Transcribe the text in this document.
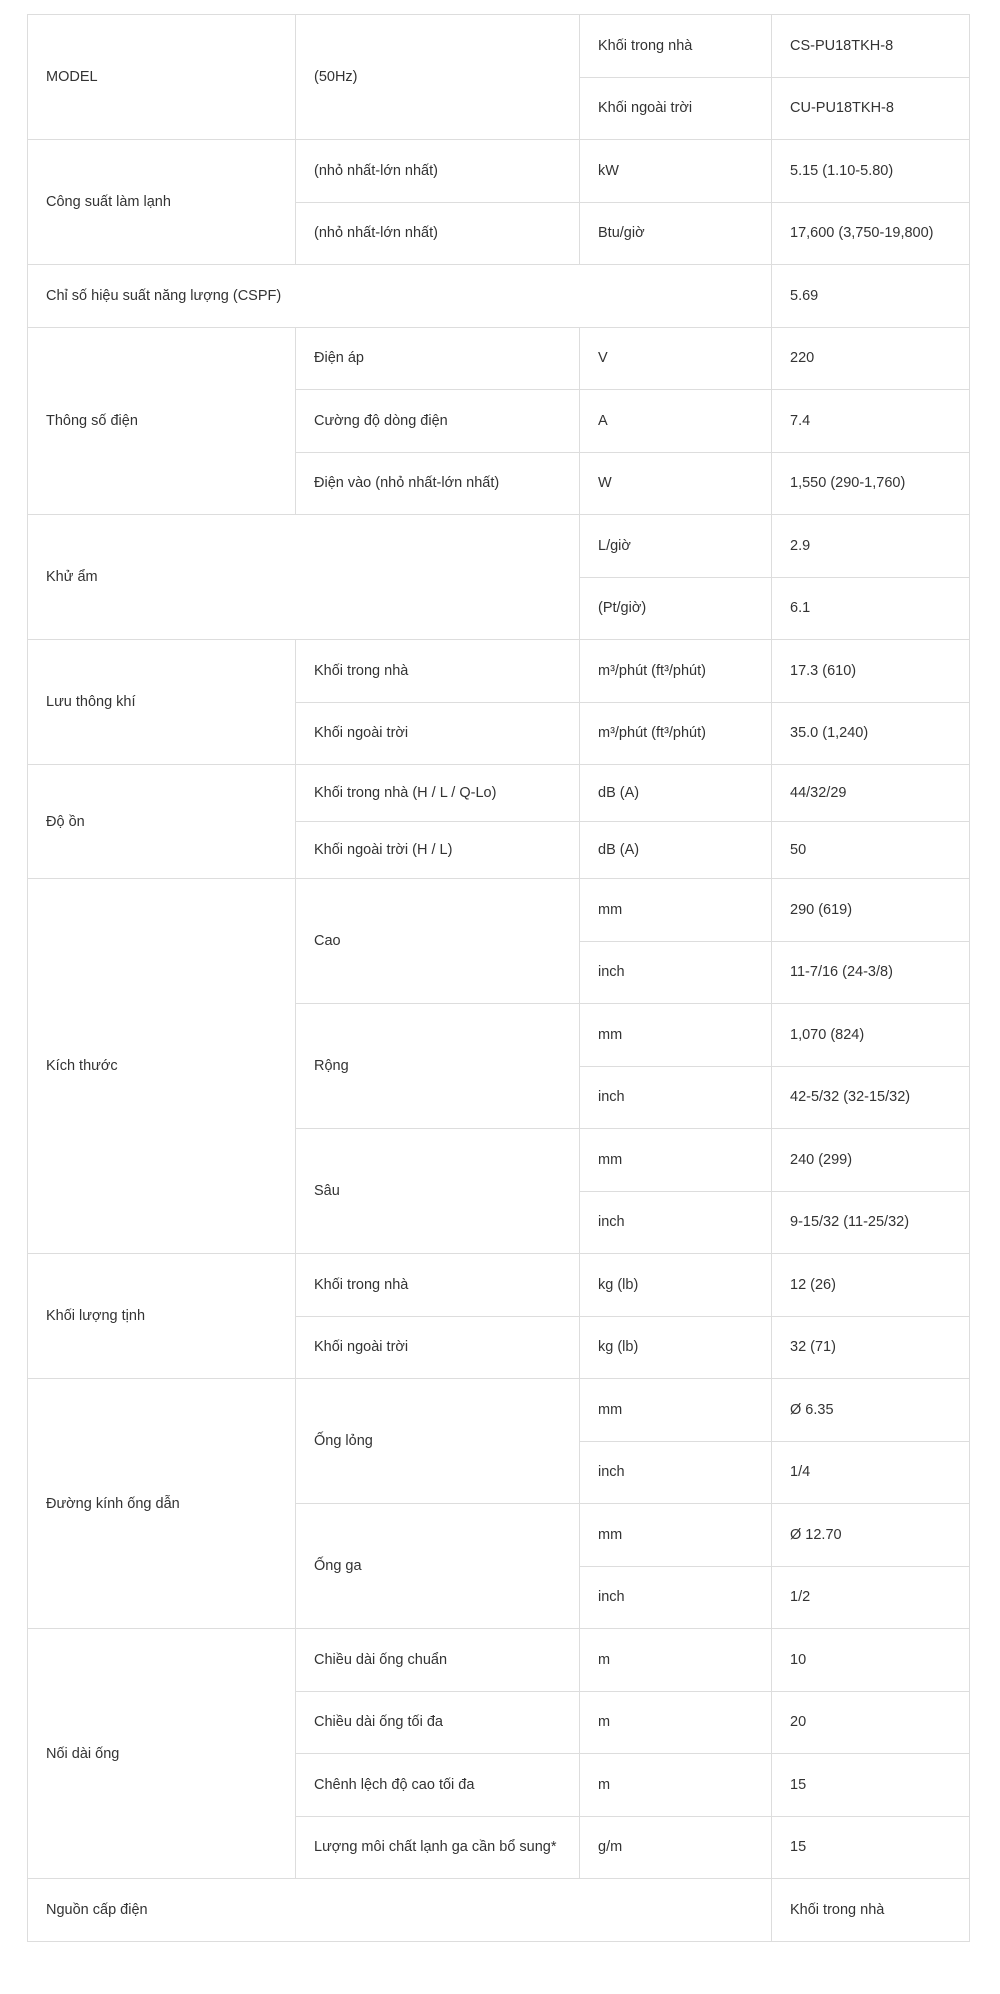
MODEL	(50Hz)	Khối trong nhà	CS-PU18TKH-8
		Khối ngoài trời	CU-PU18TKH-8
Công suất làm lạnh	(nhỏ nhất-lớn nhất)	kW	5.15 (1.10-5.80)
	(nhỏ nhất-lớn nhất)	Btu/giờ	17,600 (3,750-19,800)
Chỉ số hiệu suất năng lượng (CSPF)			5.69
Thông số điện	Điện áp	V	220
	Cường độ dòng điện	A	7.4
	Điện vào (nhỏ nhất-lớn nhất)	W	1,550 (290-1,760)
Khử ẩm		L/giờ	2.9
		(Pt/giờ)	6.1
Lưu thông khí	Khối trong nhà	m³/phút (ft³/phút)	17.3 (610)
	Khối ngoài trời	m³/phút (ft³/phút)	35.0 (1,240)
Độ ồn	Khối trong nhà (H / L / Q-Lo)	dB (A)	44/32/29
	Khối ngoài trời (H / L)	dB (A)	50
Kích thước	Cao	mm	290 (619)
		inch	11-7/16 (24-3/8)
	Rộng	mm	1,070 (824)
		inch	42-5/32 (32-15/32)
	Sâu	mm	240 (299)
		inch	9-15/32 (11-25/32)
Khối lượng tịnh	Khối trong nhà	kg (lb)	12 (26)
	Khối ngoài trời	kg (lb)	32 (71)
Đường kính ống dẫn	Ống lỏng	mm	Ø 6.35
		inch	1/4
	Ống ga	mm	Ø 12.70
		inch	1/2
Nối dài ống	Chiều dài ống chuẩn	m	10
	Chiều dài ống tối đa	m	20
	Chênh lệch độ cao tối đa	m	15
	Lượng môi chất lạnh ga cần bổ sung*	g/m	15
Nguồn cấp điện			Khối trong nhà
